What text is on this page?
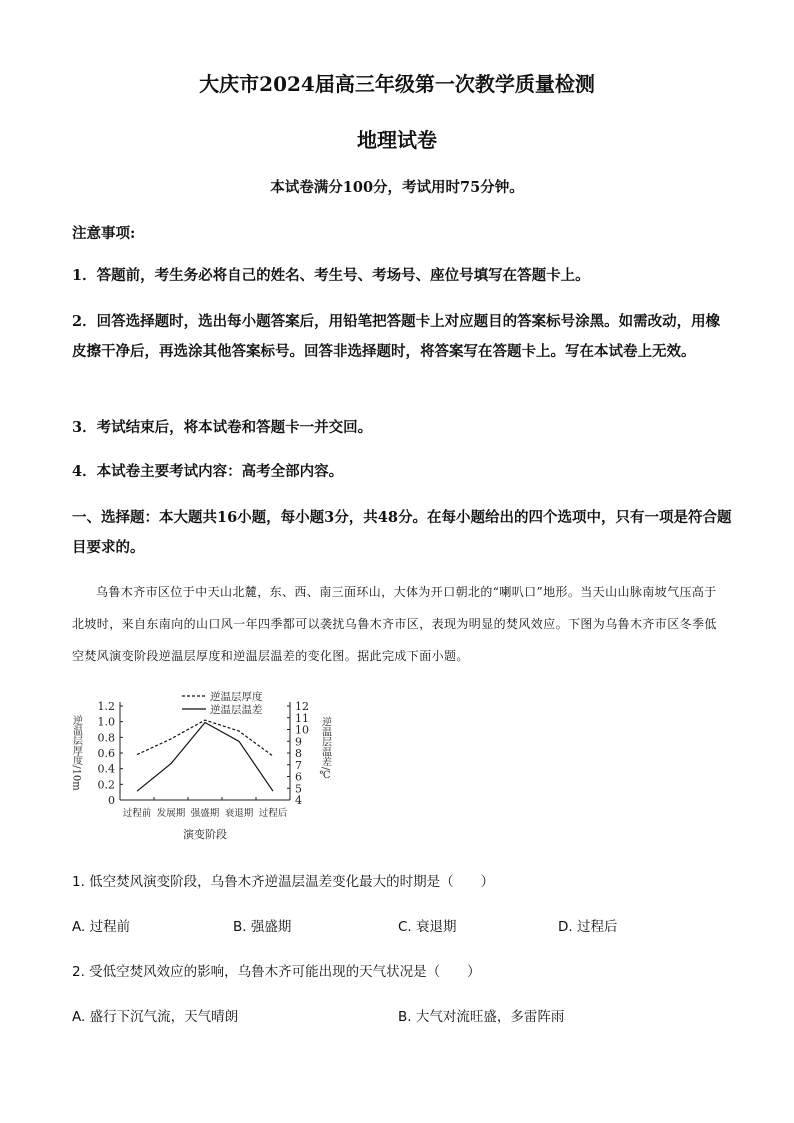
大庆市2024届高三年级第一次教学质量检测
地理试卷
本试卷满分100分，考试用时75分钟。
注意事项:
1．答题前，考生务必将自己的姓名、考生号、考场号、座位号填写在答题卡上。
2．回答选择题时，选出每小题答案后，用铅笔把答题卡上对应题目的答案标号涂黑。如需改动，用橡皮擦干净后，再选涂其他答案标号。回答非选择题时，将答案写在答题卡上。写在本试卷上无效。
3．考试结束后，将本试卷和答题卡一并交回。
4．本试卷主要考试内容：高考全部内容。
一、选择题：本大题共16小题，每小题3分，共48分。在每小题给出的四个选项中，只有一项是符合题目要求的。
乌鲁木齐市区位于中天山北麓，东、西、南三面环山，大体为开口朝北的“喇叭口”地形。当天山山脉南坡气压高于北坡时，来自东南向的山口风一年四季都可以袭扰乌鲁木齐市区，表现为明显的焚风效应。下图为乌鲁木齐市区冬季低空焚风演变阶段逆温层厚度和逆温层温差的变化图。据此完成下面小题。
0
0.2
0.4
0.6
0.8
1.0
1.2
4
5
6
7
8
9
10
11
12
过程前 发展期 强盛期 衰退期 过程后
演变阶段
逆温层厚度/10m	逆温层温差/℃
逆温层厚度
逆温层温差
1. 低空焚风演变阶段，乌鲁木齐逆温层温差变化最大的时期是（　　）
A. 过程前	B. 强盛期	C. 衰退期	D. 过程后
2. 受低空焚风效应的影响，乌鲁木齐可能出现的天气状况是（　　）
A. 盛行下沉气流，天气晴朗	B. 大气对流旺盛，多雷阵雨
